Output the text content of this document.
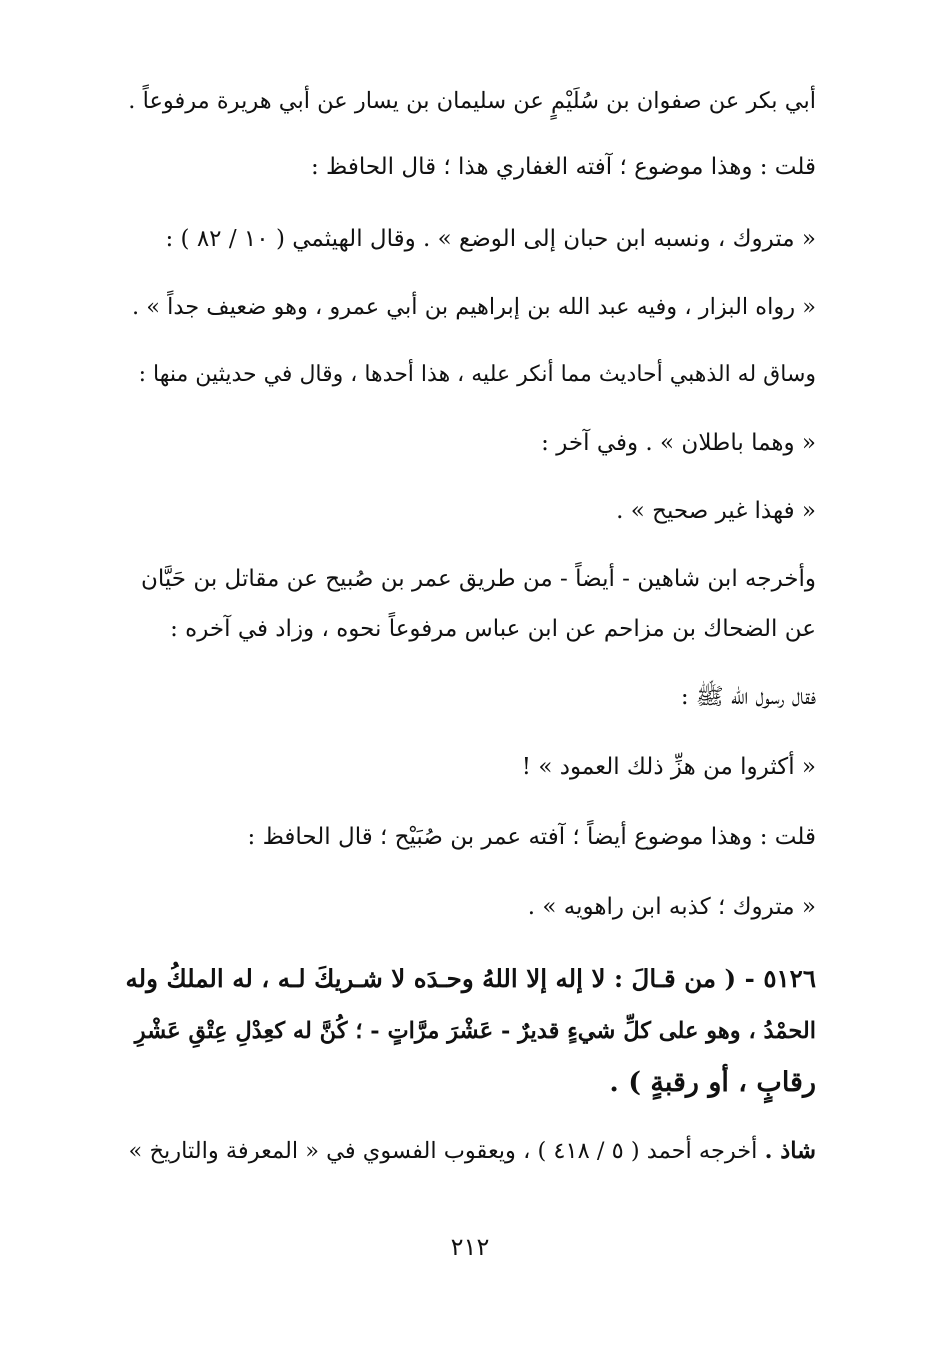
أبي بكر عن صفوان بن سُلَيْمٍ عن سليمان بن يسار عن أبي هريرة مرفوعاً .

قلت : وهذا موضوع ؛ آفته الغفاري هذا ؛ قال الحافظ :

« متروك ، ونسبه ابن حبان إلى الوضع » . وقال الهيثمي ( ١٠ / ٨٢ ) :

« رواه البزار ، وفيه عبد الله بن إبراهيم بن أبي عمرو ، وهو ضعيف جداً » .

وساق له الذهبي أحاديث مما أنكر عليه ، هذا أحدها ، وقال في حديثين منها :

« وهما باطلان » . وفي آخر :

« فهذا غير صحيح » .

وأخرجه ابن شاهين - أيضاً - من طريق عمر بن صُبيح عن مقاتل بن حَيَّان

عن الضحاك بن مزاحم عن ابن عباس مرفوعاً نحوه ، وزاد في آخره :

فقال رسول الله ﷺ :

« أكثروا من هزِّ ذلك العمود » !

قلت : وهذا موضوع أيضاً ؛ آفته عمر بن صُبَيْح ؛ قال الحافظ :

« متروك ؛ كذبه ابن راهويه » .

٥١٢٦ - ( من قـالَ : لا إله إلا اللهُ وحـدَه لا شـريكَ لـه ، له الملكُ وله

الحمْدُ ، وهو على كلِّ شيءٍ قديرٌ - عَشْرَ مرَّاتٍ - ؛ كُنَّ له كعِدْلِ عِتْقِ عَشْرِ

رقابٍ ، أو رقبةٍ ) .

شاذ . أخرجه أحمد ( ٥ / ٤١٨ ) ، ويعقوب الفسوي في « المعرفة والتاريخ »

٢١٢
